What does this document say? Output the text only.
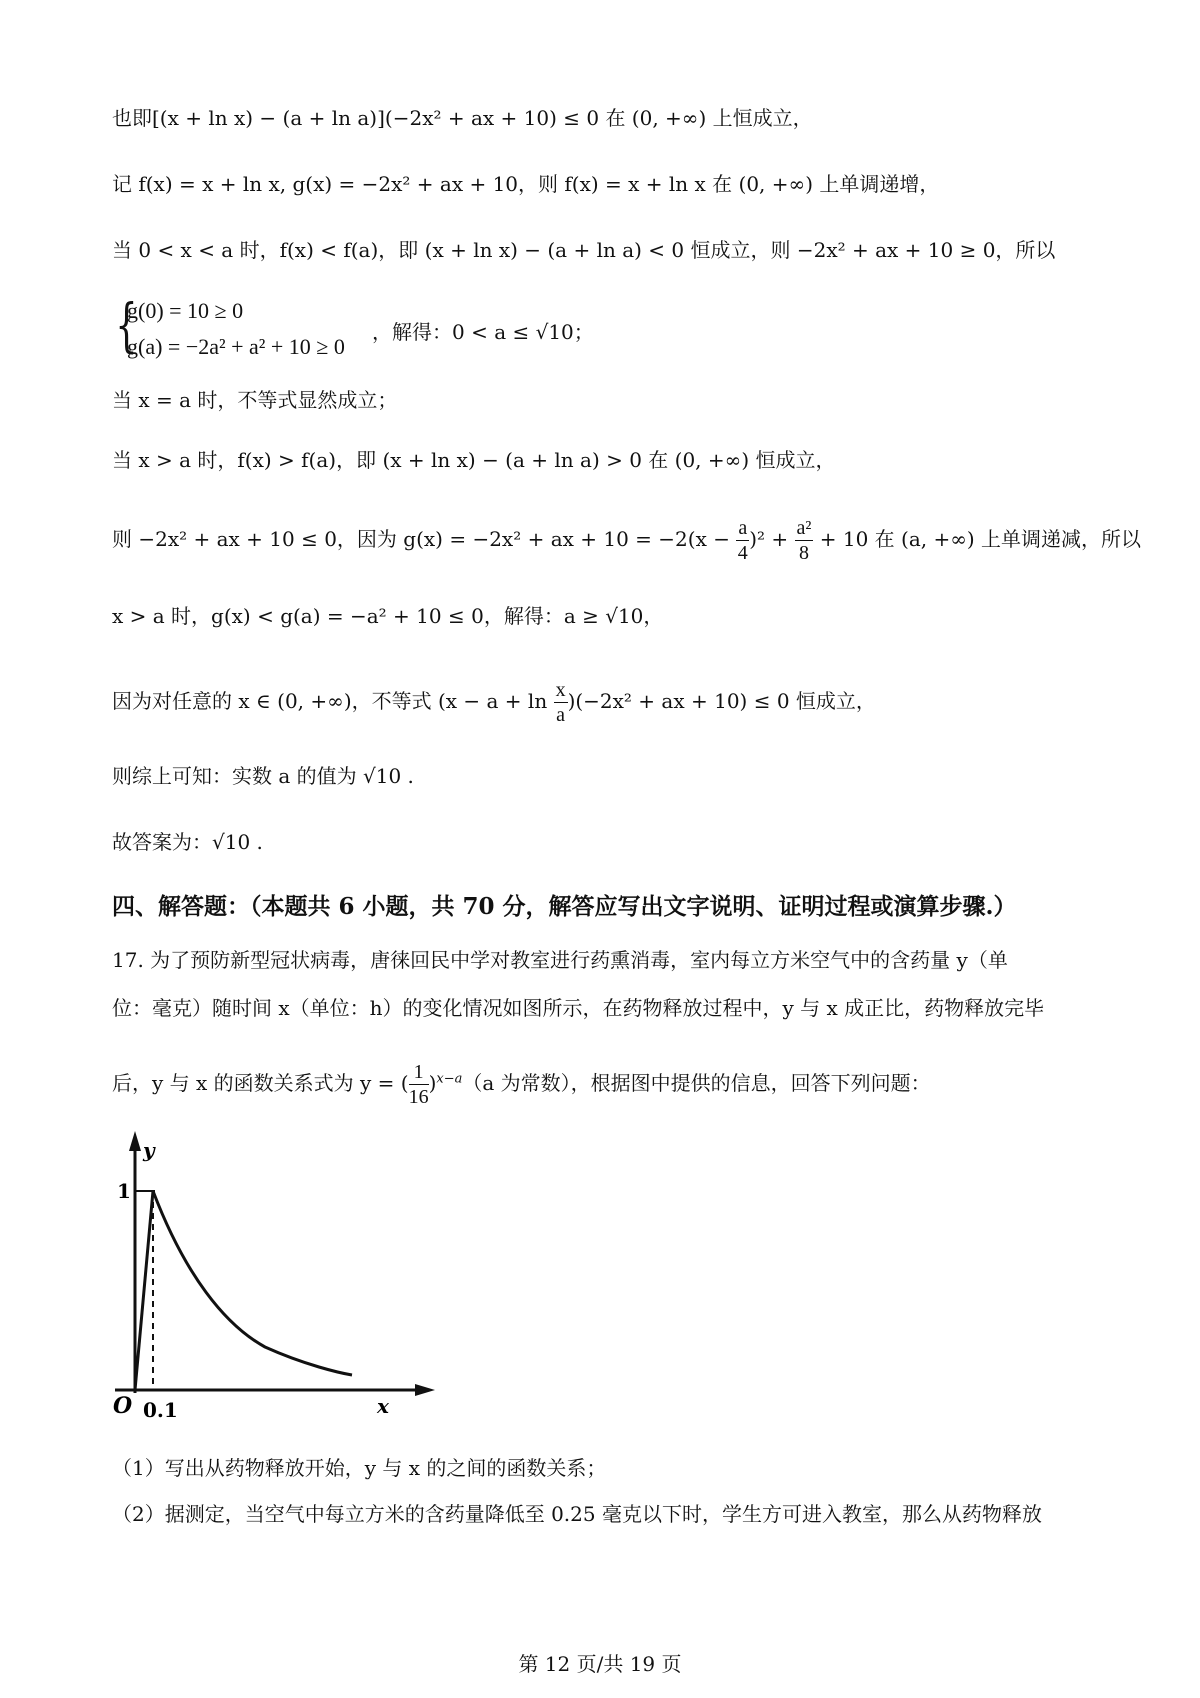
也即[(x + ln x) − (a + ln a)](−2x² + ax + 10) ≤ 0 在 (0, +∞) 上恒成立，
记 f(x) = x + ln x, g(x) = −2x² + ax + 10，则 f(x) = x + ln x 在 (0, +∞) 上单调递增，
当 0 < x < a 时，f(x) < f(a)，即 (x + ln x) − (a + ln a) < 0 恒成立，则 −2x² + ax + 10 ≥ 0，所以
{
g(0) = 10 ≥ 0
g(a) = −2a² + a² + 10 ≥ 0
，解得：0 < a ≤ √10；
当 x = a 时，不等式显然成立；
当 x > a 时，f(x) > f(a)，即 (x + ln x) − (a + ln a) > 0 在 (0, +∞) 恒成立，
则 −2x² + ax + 10 ≤ 0，因为 g(x) = −2x² + ax + $10 = -2(x - \frac{a}{4} )^2 + \frac{\text{a²}}{8} + 10$ 在 (a, +∞) 上单调递减，所以
x > a 时，g(x) < g(a) = −a² + 10 ≤ 0，解得：a ≥ √10，
因为对任意的 x ∈ (0, +∞)，不等式 $(x - a + \ln \frac{x}{a} )(-2x^2$ + ax + 10) ≤ 0 恒成立，
则综上可知：实数 a 的值为 √10 .
故答案为：√10 .
四、解答题：（本题共 6 小题，共 70 分，解答应写出文字说明、证明过程或演算步骤.）
17. 为了预防新型冠状病毒，唐徕回民中学对教室进行药熏消毒，室内每立方米空气中的含药量 y（单
位：毫克）随时间 x（单位：h）的变化情况如图所示，在药物释放过程中，y 与 x 成正比，药物释放完毕
后，y 与 x 的函数关系式为 y = ( $\frac{1}{16} )^{x-a}(a$ 为常数），根据图中提供的信息，回答下列问题：
y
1
O 0.1	x
（1）写出从药物释放开始，y 与 x 的之间的函数关系；
（2）据测定，当空气中每立方米的含药量降低至 0.25 毫克以下时，学生方可进入教室，那么从药物释放
第 12 页/共 19 页
